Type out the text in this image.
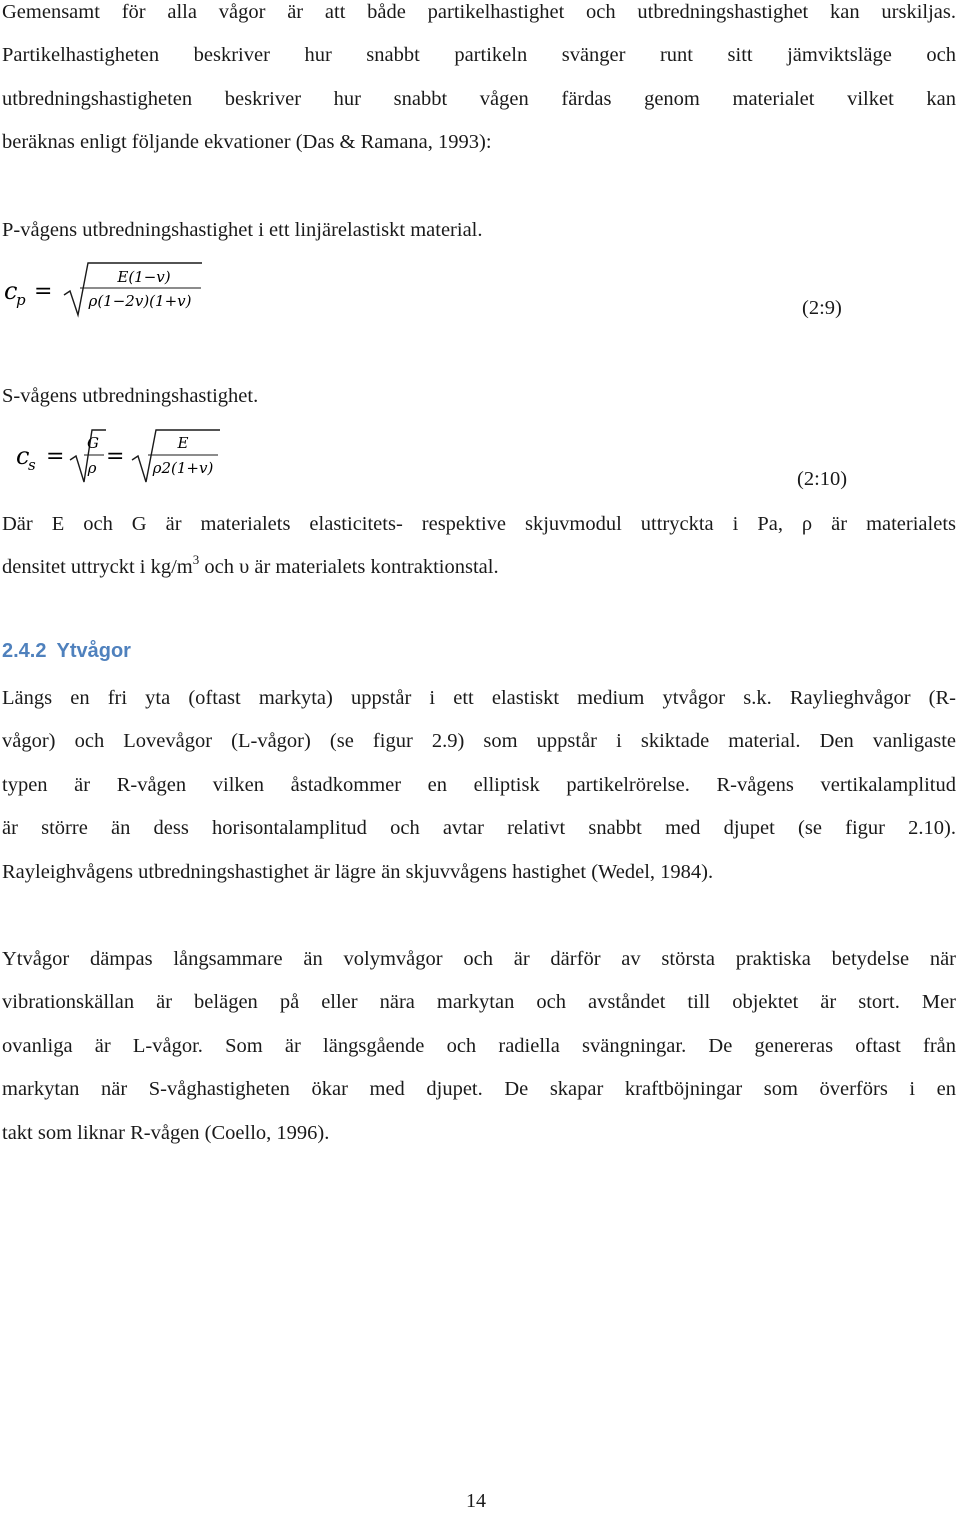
Gemensamt för alla vågor är att både partikelhastighet och utbredningshastighet kan urskiljas.
Partikelhastigheten beskriver hur snabbt partikeln svänger runt sitt jämviktsläge och
utbredningshastigheten beskriver hur snabbt vågen färdas genom materialet vilket kan
beräknas enligt följande ekvationer (Das & Ramana, 1993):
P-vågens utbredningshastighet i ett linjärelastiskt material.
c
p =
E(1−v)
ρ(1−2v)(1+v)	(2:9)
S-vågens utbredningshastighet.
c
s =
G
ρ =
E
ρ2(1+v)	(2:10)
Där E och G är materialets elasticitets- respektive skjuvmodul uttryckta i Pa, ρ är materialets
densitet uttryckt i $kg/m^3$ och υ är materialets kontraktionstal.
2.4.2 Ytvågor
Längs en fri yta (oftast markyta) uppstår i ett elastiskt medium ytvågor s.k. Raylieghvågor (R-
vågor) och Lovevågor (L-vågor) (se figur 2.9) som uppstår i skiktade material. Den vanligaste
typen är R-vågen vilken åstadkommer en elliptisk partikelrörelse. R-vågens vertikalamplitud
är större än dess horisontalamplitud och avtar relativt snabbt med djupet (se figur 2.10).
Rayleighvågens utbredningshastighet är lägre än skjuvvågens hastighet (Wedel, 1984).
Ytvågor dämpas långsammare än volymvågor och är därför av största praktiska betydelse när
vibrationskällan är belägen på eller nära markytan och avståndet till objektet är stort. Mer
ovanliga är L-vågor. Som är längsgående och radiella svängningar. De genereras oftast från
markytan när S-våghastigheten ökar med djupet. De skapar kraftböjningar som överförs i en
takt som liknar R-vågen (Coello, 1996).
14
